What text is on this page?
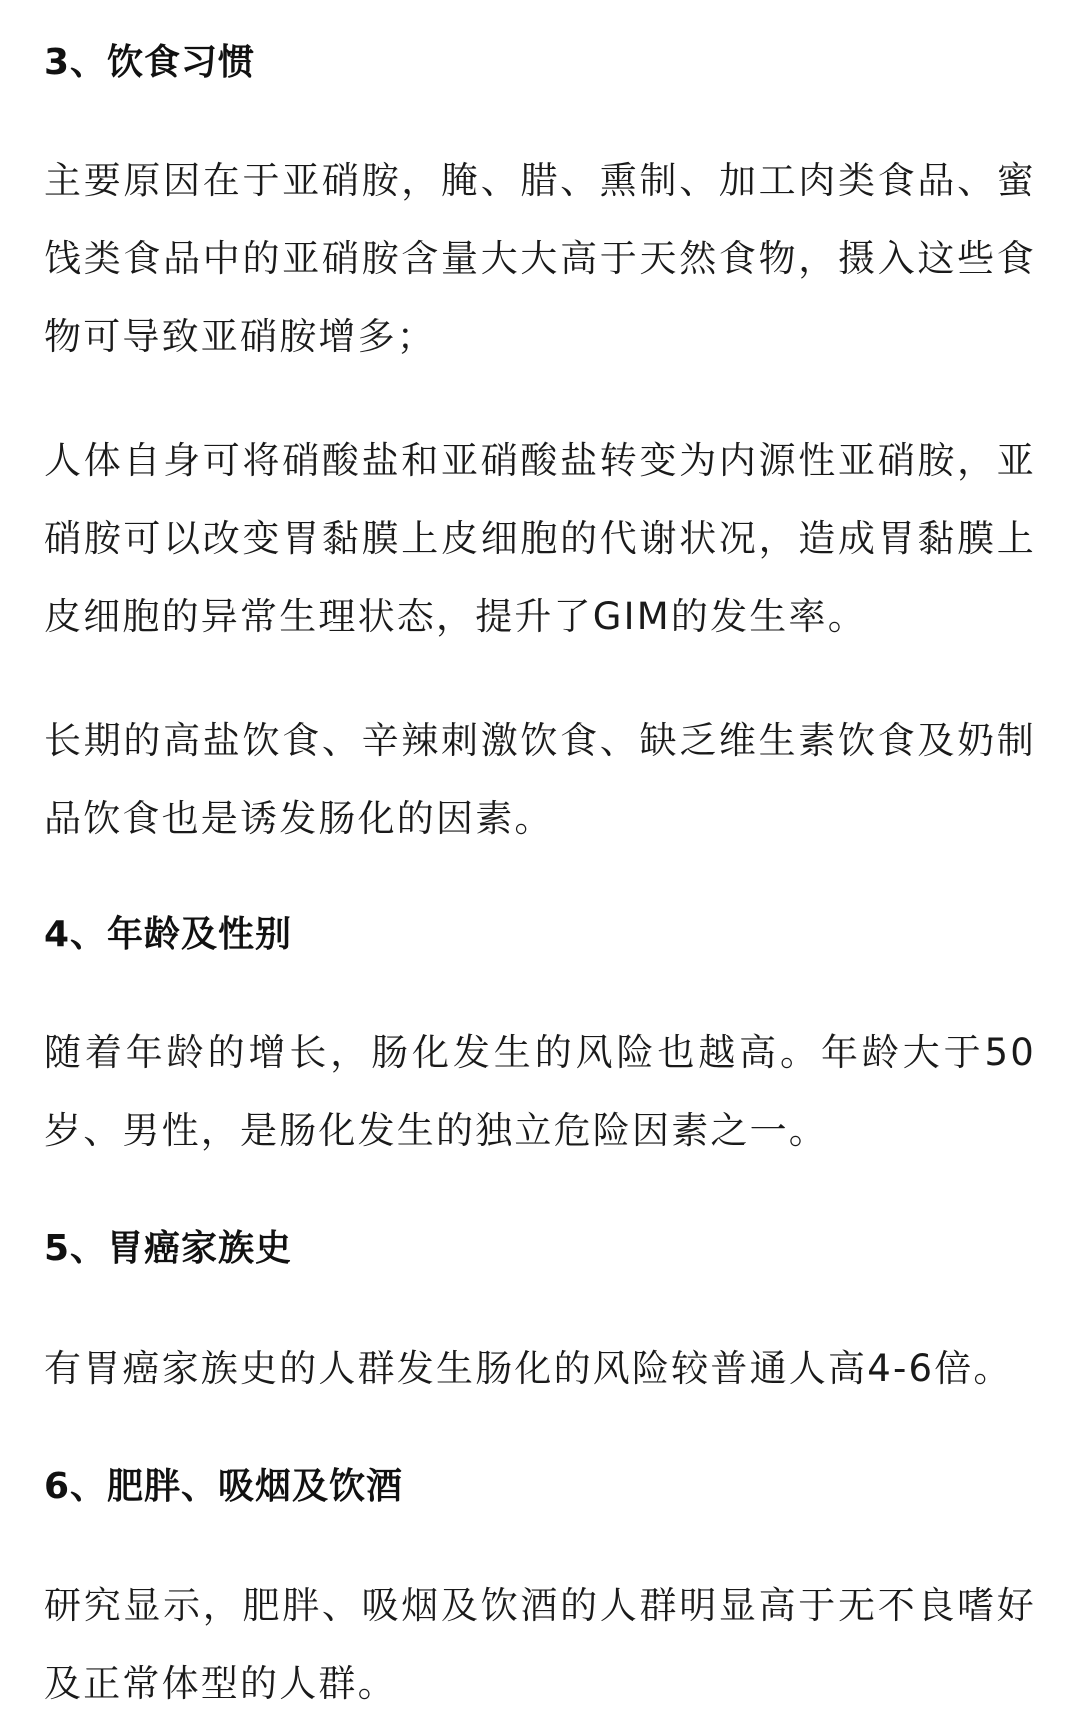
3、饮食习惯

主要原因在于亚硝胺，腌、腊、熏制、加工肉类食品、蜜饯类食品中的亚硝胺含量大大高于天然食物，摄入这些食物可导致亚硝胺增多；

人体自身可将硝酸盐和亚硝酸盐转变为内源性亚硝胺，亚硝胺可以改变胃黏膜上皮细胞的代谢状况，造成胃黏膜上皮细胞的异常生理状态，提升了GIM的发生率。

长期的高盐饮食、辛辣刺激饮食、缺乏维生素饮食及奶制品饮食也是诱发肠化的因素。

4、年龄及性别

随着年龄的增长，肠化发生的风险也越高。年龄大于50岁、男性，是肠化发生的独立危险因素之一。

5、胃癌家族史

有胃癌家族史的人群发生肠化的风险较普通人高4-6倍。

6、肥胖、吸烟及饮酒

研究显示，肥胖、吸烟及饮酒的人群明显高于无不良嗜好及正常体型的人群。
